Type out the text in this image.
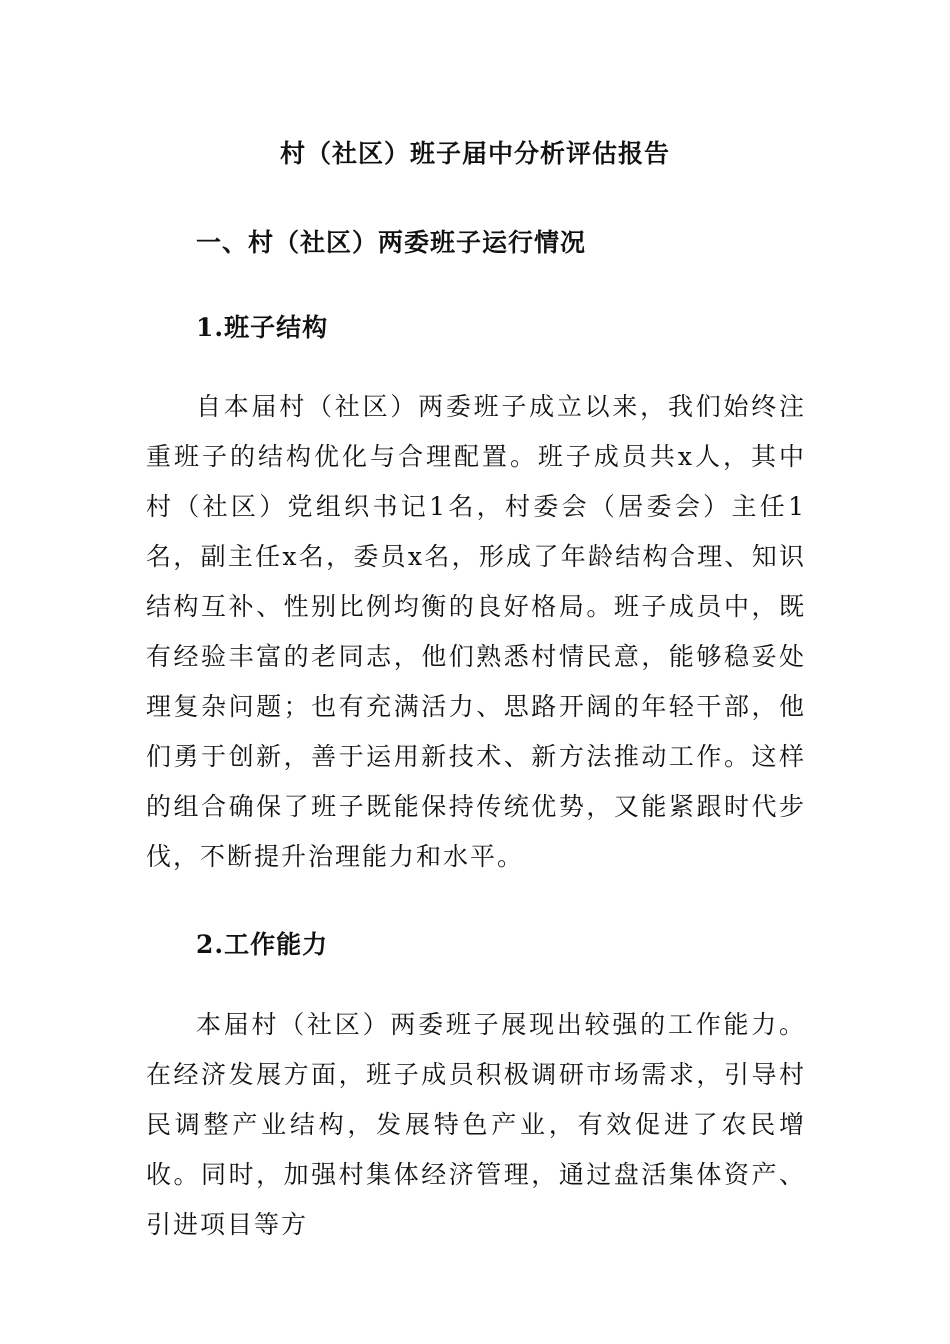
村（社区）班子届中分析评估报告
一、村（社区）两委班子运行情况
1.班子结构

自本届村（社区）两委班子成立以来，我们始终注重班子的结构优化与合理配置。班子成员共x人，其中村（社区）党组织书记1名，村委会（居委会）主任1名，副主任x名，委员x名，形成了年龄结构合理、知识结构互补、性别比例均衡的良好格局。班子成员中，既有经验丰富的老同志，他们熟悉村情民意，能够稳妥处理复杂问题；也有充满活力、思路开阔的年轻干部，他们勇于创新，善于运用新技术、新方法推动工作。这样的组合确保了班子既能保持传统优势，又能紧跟时代步伐，不断提升治理能力和水平。

2.工作能力

本届村（社区）两委班子展现出较强的工作能力。在经济发展方面，班子成员积极调研市场需求，引导村民调整产业结构，发展特色产业，有效促进了农民增收。同时，加强村集体经济管理，通过盘活集体资产、引进项目等方
